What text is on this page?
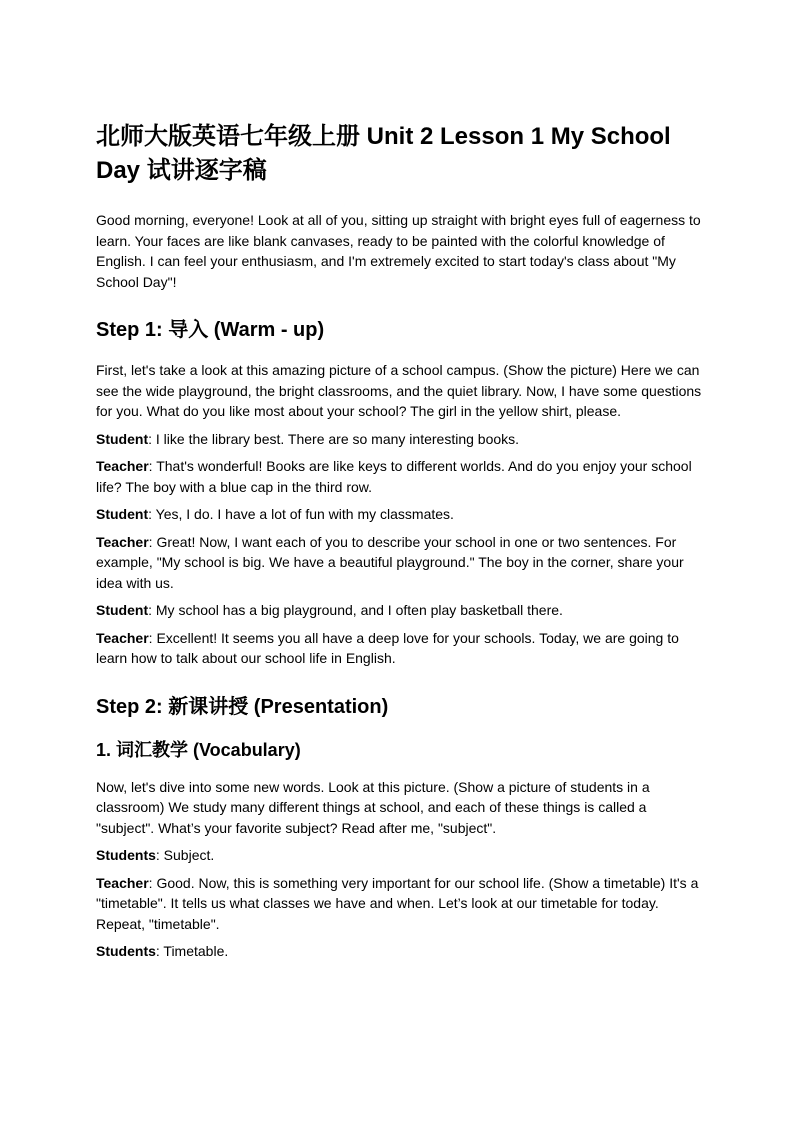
北师大版英语七年级上册 Unit 2 Lesson 1 My School Day 试讲逐字稿

Good morning, everyone! Look at all of you, sitting up straight with bright eyes full of eagerness to learn. Your faces are like blank canvases, ready to be painted with the colorful knowledge of English. I can feel your enthusiasm, and I'm extremely excited to start today's class about "My School Day"!

Step 1: 导入 (Warm - up)

First, let's take a look at this amazing picture of a school campus. (Show the picture) Here we can see the wide playground, the bright classrooms, and the quiet library. Now, I have some questions for you. What do you like most about your school? The girl in the yellow shirt, please.

Student: I like the library best. There are so many interesting books.

Teacher: That's wonderful! Books are like keys to different worlds. And do you enjoy your school life? The boy with a blue cap in the third row.

Student: Yes, I do. I have a lot of fun with my classmates.

Teacher: Great! Now, I want each of you to describe your school in one or two sentences. For example, "My school is big. We have a beautiful playground." The boy in the corner, share your idea with us.

Student: My school has a big playground, and I often play basketball there.

Teacher: Excellent! It seems you all have a deep love for your schools. Today, we are going to learn how to talk about our school life in English.

Step 2: 新课讲授 (Presentation)
1. 词汇教学 (Vocabulary)

Now, let's dive into some new words. Look at this picture. (Show a picture of students in a classroom) We study many different things at school, and each of these things is called a "subject". What’s your favorite subject? Read after me, "subject".

Students: Subject.

Teacher: Good. Now, this is something very important for our school life. (Show a timetable) It's a "timetable". It tells us what classes we have and when. Let’s look at our timetable for today. Repeat, "timetable".

Students: Timetable.
